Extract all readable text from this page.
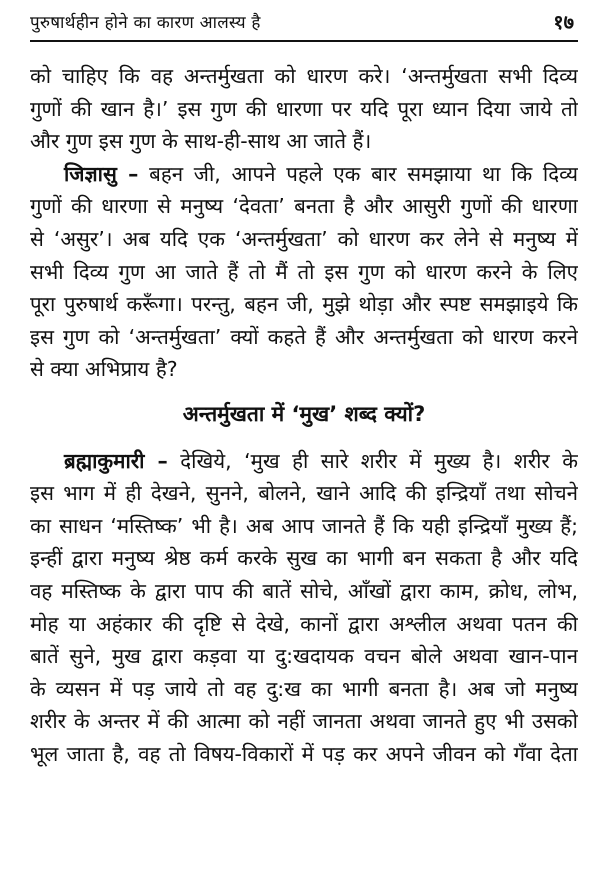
पुरुषार्थहीन होने का कारण आलस्य है	१७
को चाहिए कि वह अन्तर्मुखता को धारण करे। ‘अन्तर्मुखता सभी दिव्य
गुणों की खान है।’ इस गुण की धारणा पर यदि पूरा ध्यान दिया जाये तो
और गुण इस गुण के साथ-ही-साथ आ जाते हैं।
जिज्ञासु – बहन जी, आपने पहले एक बार समझाया था कि दिव्य
गुणों की धारणा से मनुष्य ‘देवता’ बनता है और आसुरी गुणों की धारणा
से ‘असुर’। अब यदि एक ‘अन्तर्मुखता’ को धारण कर लेने से मनुष्य में
सभी दिव्य गुण आ जाते हैं तो मैं तो इस गुण को धारण करने के लिए
पूरा पुरुषार्थ करूँगा। परन्तु, बहन जी, मुझे थोड़ा और स्पष्ट समझाइये कि
इस गुण को ‘अन्तर्मुखता’ क्यों कहते हैं और अन्तर्मुखता को धारण करने
से क्या अभिप्राय है?
अन्तर्मुखता में ‘मुख’ शब्द क्यों?
ब्रह्माकुमारी – देखिये, ‘मुख ही सारे शरीर में मुख्य है। शरीर के
इस भाग में ही देखने, सुनने, बोलने, खाने आदि की इन्द्रियाँ तथा सोचने
का साधन ‘मस्तिष्क’ भी है। अब आप जानते हैं कि यही इन्द्रियाँ मुख्य हैं;
इन्हीं द्वारा मनुष्य श्रेष्ठ कर्म करके सुख का भागी बन सकता है और यदि
वह मस्तिष्क के द्वारा पाप की बातें सोचे, आँखों द्वारा काम, क्रोध, लोभ,
मोह या अहंकार की दृष्टि से देखे, कानों द्वारा अश्लील अथवा पतन की
बातें सुने, मुख द्वारा कड़वा या दु:खदायक वचन बोले अथवा खान-पान
के व्यसन में पड़ जाये तो वह दु:ख का भागी बनता है। अब जो मनुष्य
शरीर के अन्तर में की आत्मा को नहीं जानता अथवा जानते हुए भी उसको
भूल जाता है, वह तो विषय-विकारों में पड़ कर अपने जीवन को गँवा देता
